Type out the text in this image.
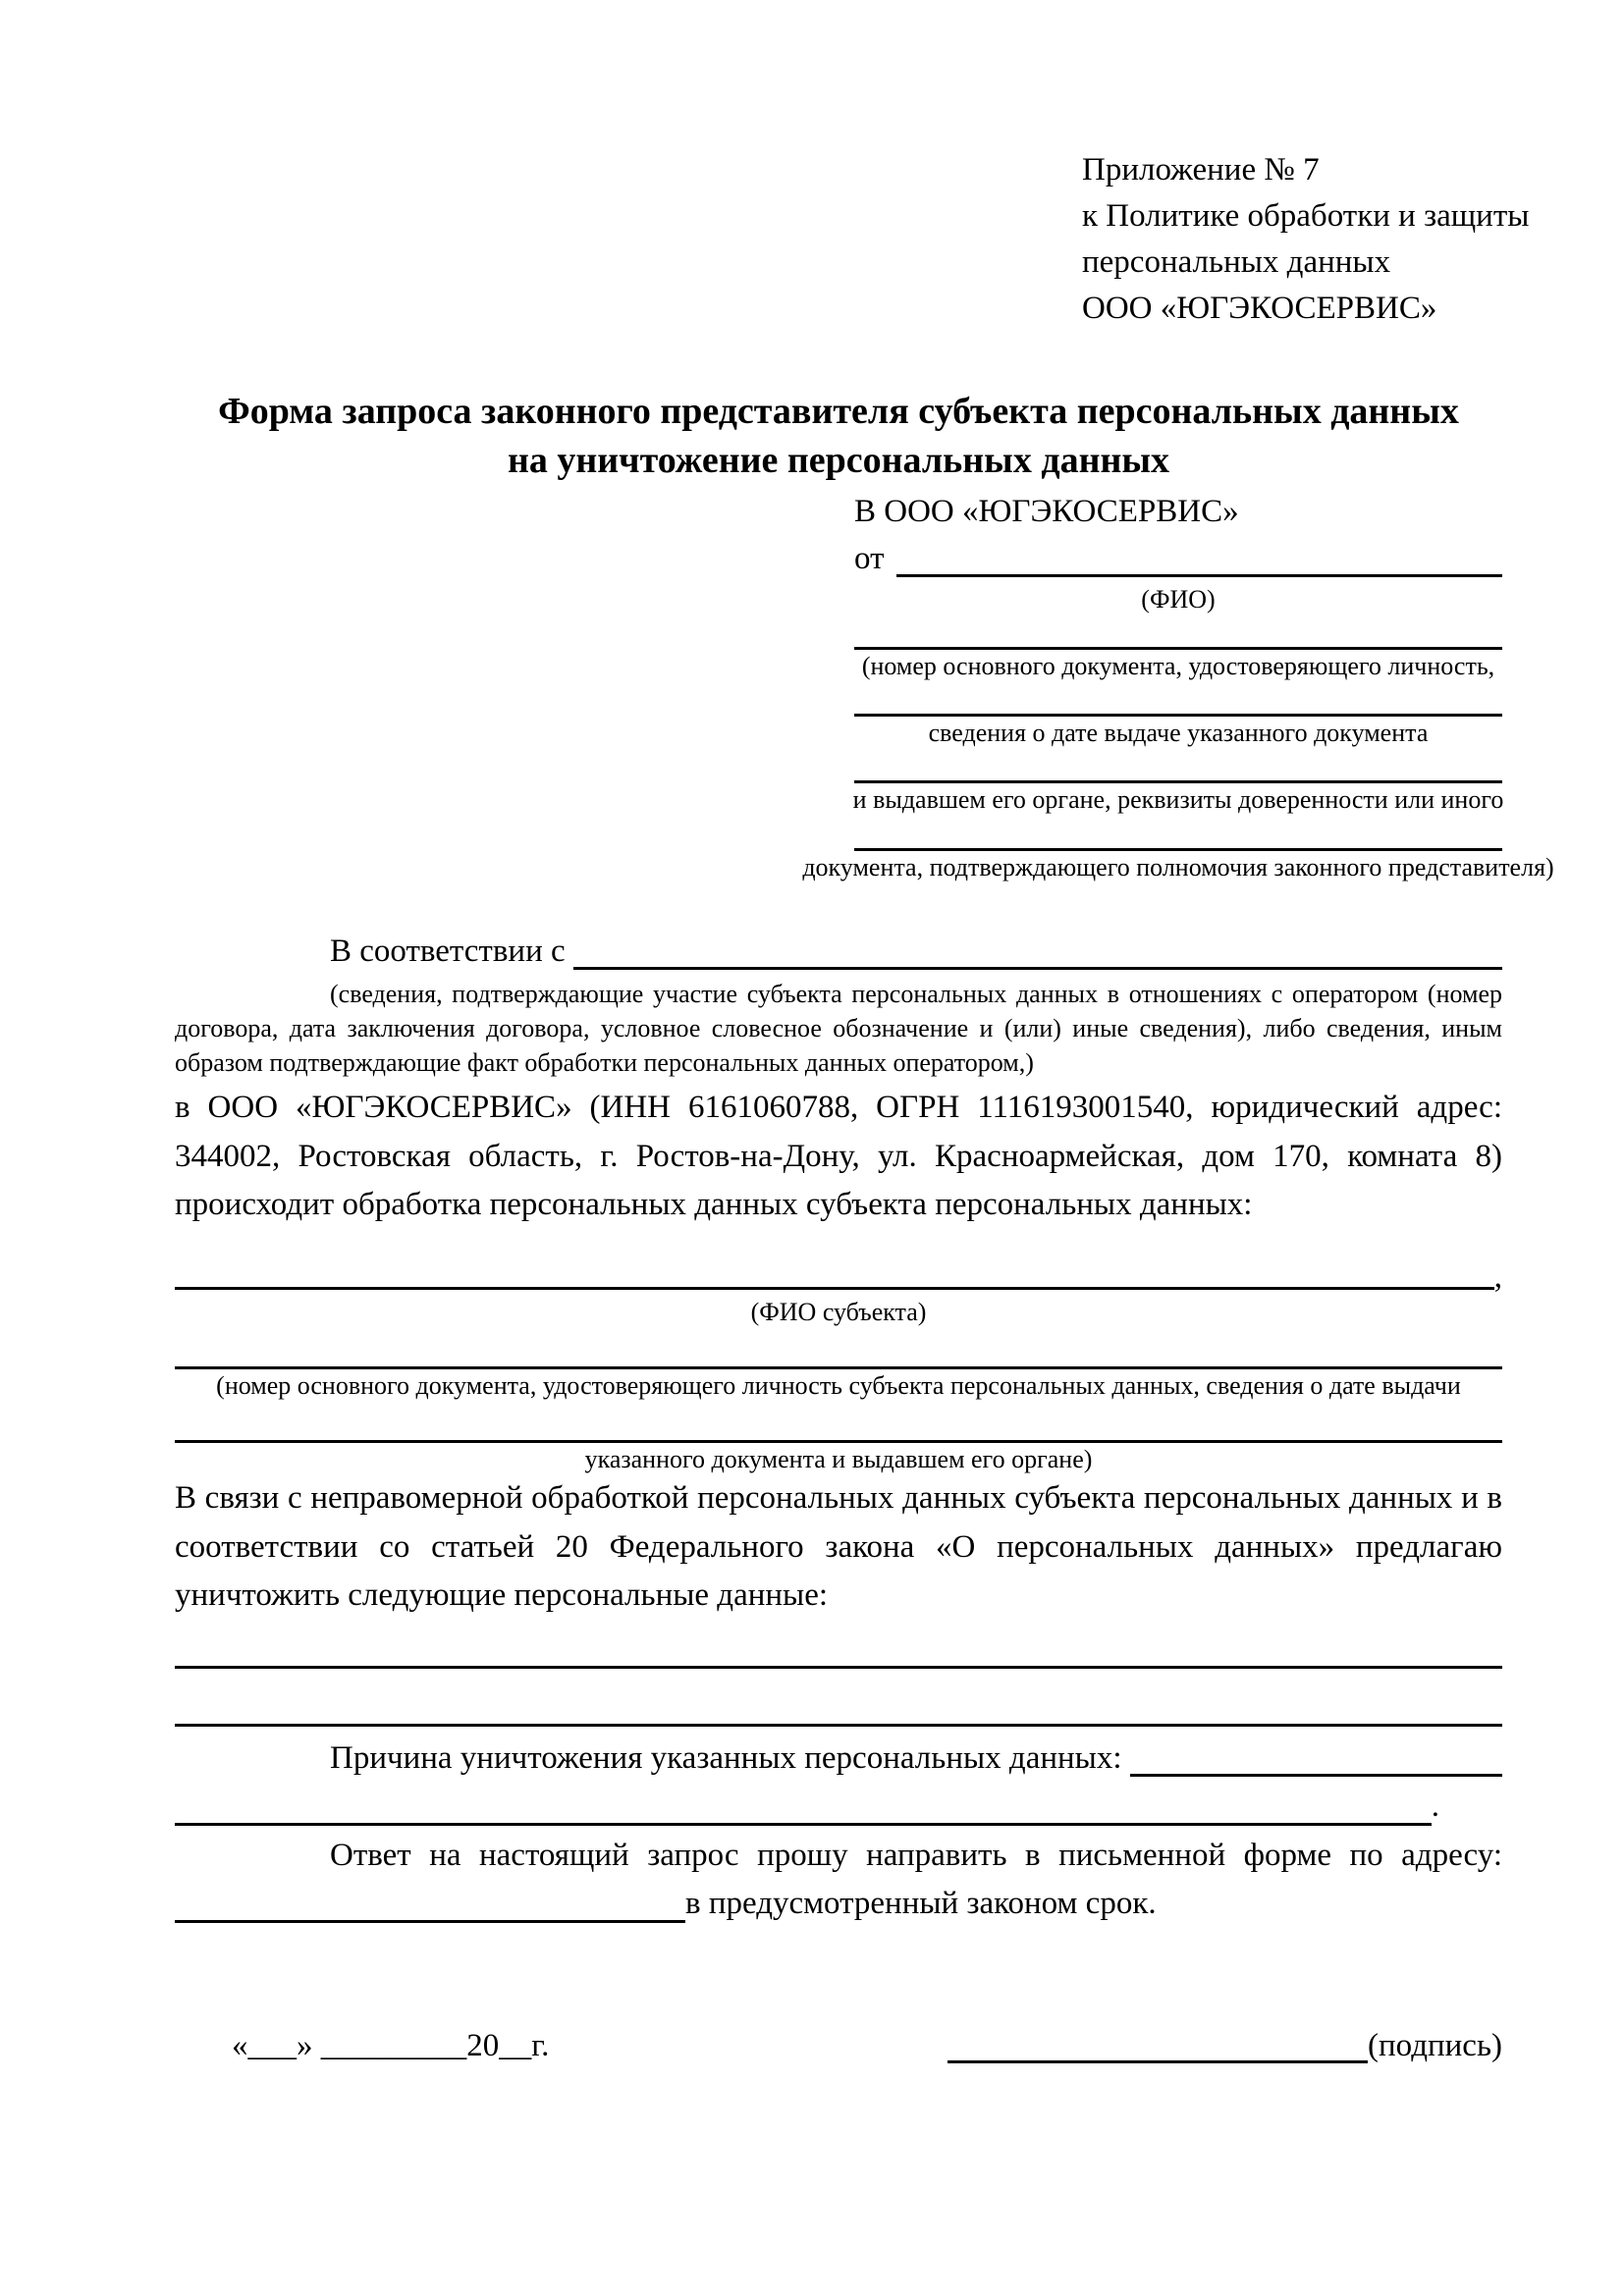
Приложение № 7
к Политике обработки и защиты
персональных данных
ООО «ЮГЭКОСЕРВИС»
Форма запроса законного представителя субъекта персональных данных
на уничтожение персональных данных
В ООО «ЮГЭКОСЕРВИС»
от
(ФИО)
(номер основного документа, удостоверяющего личность,
сведения о дате выдаче указанного документа
и выдавшем его органе, реквизиты доверенности или иного
документа, подтверждающего полномочия законного представителя)
В соответствии с
(сведения, подтверждающие участие субъекта персональных данных в отношениях с оператором (номер договора, дата заключения договора, условное словесное обозначение и (или) иные сведения), либо сведения, иным образом подтверждающие факт обработки персональных данных оператором,)
в ООО «ЮГЭКОСЕРВИС» (ИНН 6161060788, ОГРН 1116193001540, юридический адрес: 344002, Ростовская область, г. Ростов-на-Дону, ул. Красноармейская, дом 170, комната 8) происходит обработка персональных данных субъекта персональных данных:
,
(ФИО субъекта)
(номер основного документа, удостоверяющего личность субъекта персональных данных, сведения о дате выдачи
указанного документа и выдавшем его органе)
В связи с неправомерной обработкой персональных данных субъекта персональных данных и в соответствии со статьей 20 Федерального закона «О персональных данных» предлагаю уничтожить следующие персональные данные:
Причина уничтожения указанных персональных данных:
.
Ответ на настоящий запрос прошу направить в письменной форме по адресу:
в предусмотренный законом срок.
«___» _________20__г.	(подпись)
